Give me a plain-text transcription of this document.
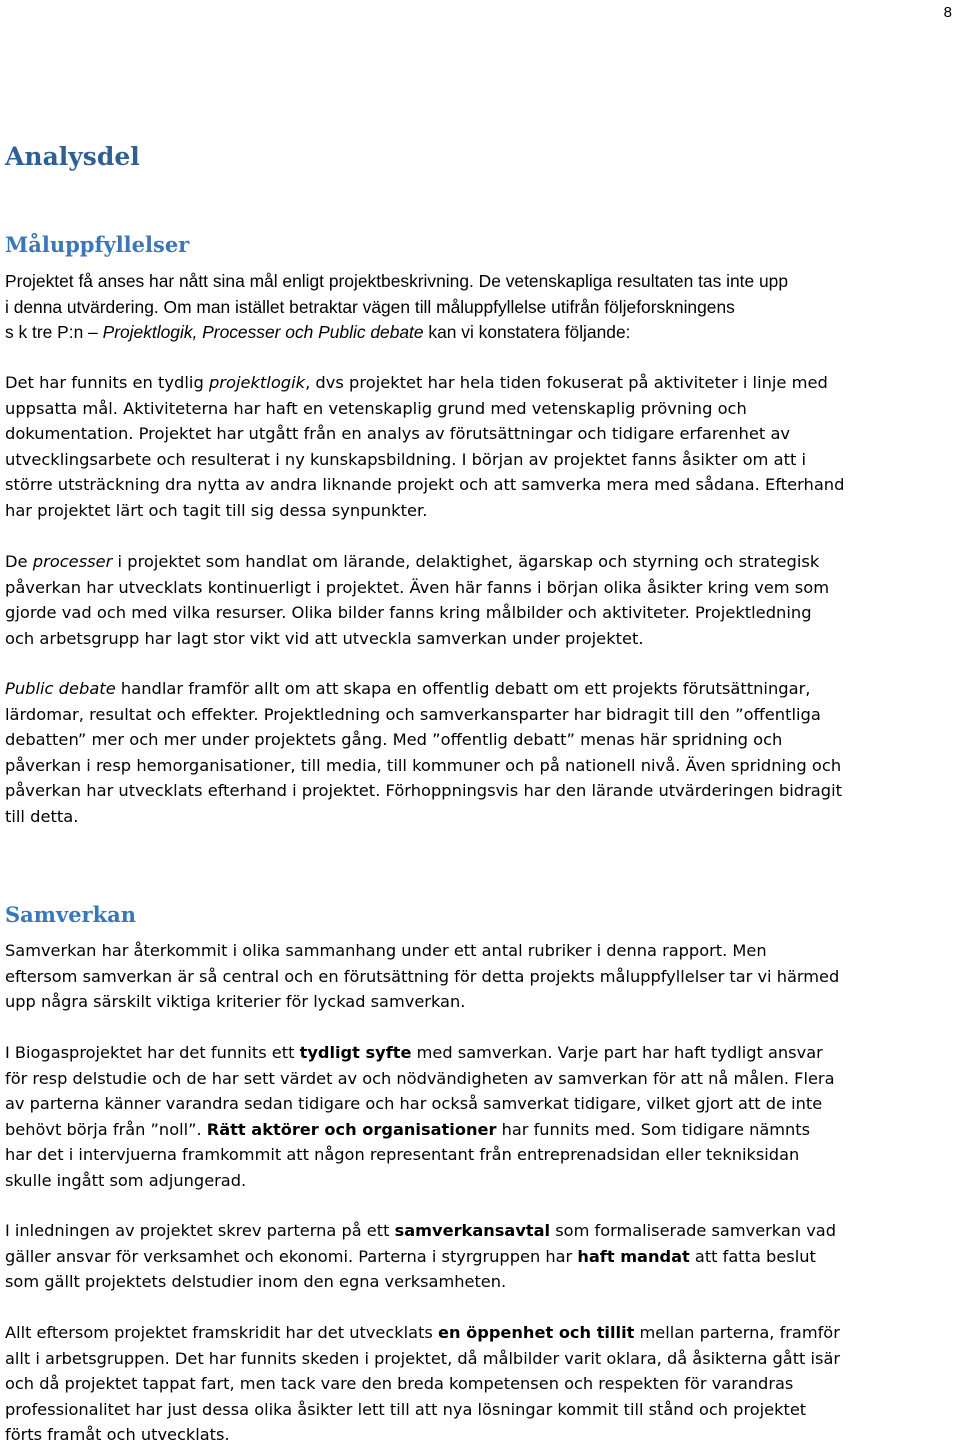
8
Analysdel
Måluppfyllelser
Projektet få anses har nått sina mål enligt projektbeskrivning. De vetenskapliga resultaten tas inte upp
i denna utvärdering. Om man istället betraktar vägen till måluppfyllelse utifrån följeforskningens
s k tre P:n – Projektlogik, Processer och Public debate kan vi konstatera följande:
Det har funnits en tydlig projektlogik, dvs projektet har hela tiden fokuserat på aktiviteter i linje med
uppsatta mål. Aktiviteterna har haft en vetenskaplig grund med vetenskaplig prövning och
dokumentation. Projektet har utgått från en analys av förutsättningar och tidigare erfarenhet av
utvecklingsarbete och resulterat i ny kunskapsbildning. I början av projektet fanns åsikter om att i
större utsträckning dra nytta av andra liknande projekt och att samverka mera med sådana. Efterhand
har projektet lärt och tagit till sig dessa synpunkter.
De processer i projektet som handlat om lärande, delaktighet, ägarskap och styrning och strategisk
påverkan har utvecklats kontinuerligt i projektet. Även här fanns i början olika åsikter kring vem som
gjorde vad och med vilka resurser. Olika bilder fanns kring målbilder och aktiviteter. Projektledning
och arbetsgrupp har lagt stor vikt vid att utveckla samverkan under projektet.
Public debate handlar framför allt om att skapa en offentlig debatt om ett projekts förutsättningar,
lärdomar, resultat och effekter. Projektledning och samverkansparter har bidragit till den ”offentliga
debatten” mer och mer under projektets gång. Med ”offentlig debatt” menas här spridning och
påverkan i resp hemorganisationer, till media, till kommuner och på nationell nivå. Även spridning och
påverkan har utvecklats efterhand i projektet. Förhoppningsvis har den lärande utvärderingen bidragit
till detta.
Samverkan
Samverkan har återkommit i olika sammanhang under ett antal rubriker i denna rapport. Men
eftersom samverkan är så central och en förutsättning för detta projekts måluppfyllelser tar vi härmed
upp några särskilt viktiga kriterier för lyckad samverkan.
I Biogasprojektet har det funnits ett tydligt syfte med samverkan. Varje part har haft tydligt ansvar
för resp delstudie och de har sett värdet av och nödvändigheten av samverkan för att nå målen. Flera
av parterna känner varandra sedan tidigare och har också samverkat tidigare, vilket gjort att de inte
behövt börja från ”noll”. Rätt aktörer och organisationer har funnits med. Som tidigare nämnts
har det i intervjuerna framkommit att någon representant från entreprenadsidan eller tekniksidan
skulle ingått som adjungerad.
I inledningen av projektet skrev parterna på ett samverkansavtal som formaliserade samverkan vad
gäller ansvar för verksamhet och ekonomi. Parterna i styrgruppen har haft mandat att fatta beslut
som gällt projektets delstudier inom den egna verksamheten.
Allt eftersom projektet framskridit har det utvecklats en öppenhet och tillit mellan parterna, framför
allt i arbetsgruppen. Det har funnits skeden i projektet, då målbilder varit oklara, då åsikterna gått isär
och då projektet tappat fart, men tack vare den breda kompetensen och respekten för varandras
professionalitet har just dessa olika åsikter lett till att nya lösningar kommit till stånd och projektet
förts framåt och utvecklats.
